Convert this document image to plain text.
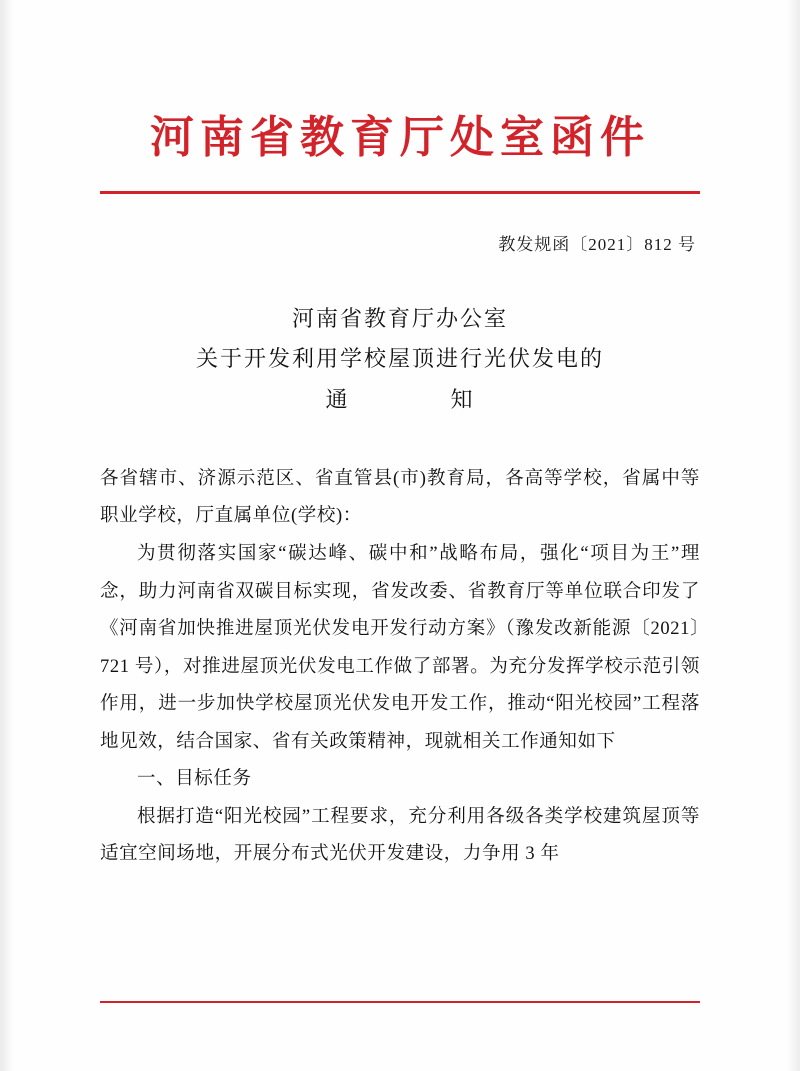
河南省教育厅处室函件
教发规函〔2021〕812 号
河南省教育厅办公室
关于开发利用学校屋顶进行光伏发电的
通	知

各省辖市、济源示范区、省直管县(市)教育局，各高等学校，省属中等职业学校，厅直属单位(学校)：

为贯彻落实国家“碳达峰、碳中和”战略布局，强化“项目为王”理念，助力河南省双碳目标实现，省发改委、省教育厅等单位联合印发了《河南省加快推进屋顶光伏发电开发行动方案》（豫发改新能源〔2021〕721 号），对推进屋顶光伏发电工作做了部署。为充分发挥学校示范引领作用，进一步加快学校屋顶光伏发电开发工作，推动“阳光校园”工程落地见效，结合国家、省有关政策精神，现就相关工作通知如下

一、目标任务

根据打造“阳光校园”工程要求，充分利用各级各类学校建筑屋顶等适宜空间场地，开展分布式光伏开发建设，力争用 3 年
